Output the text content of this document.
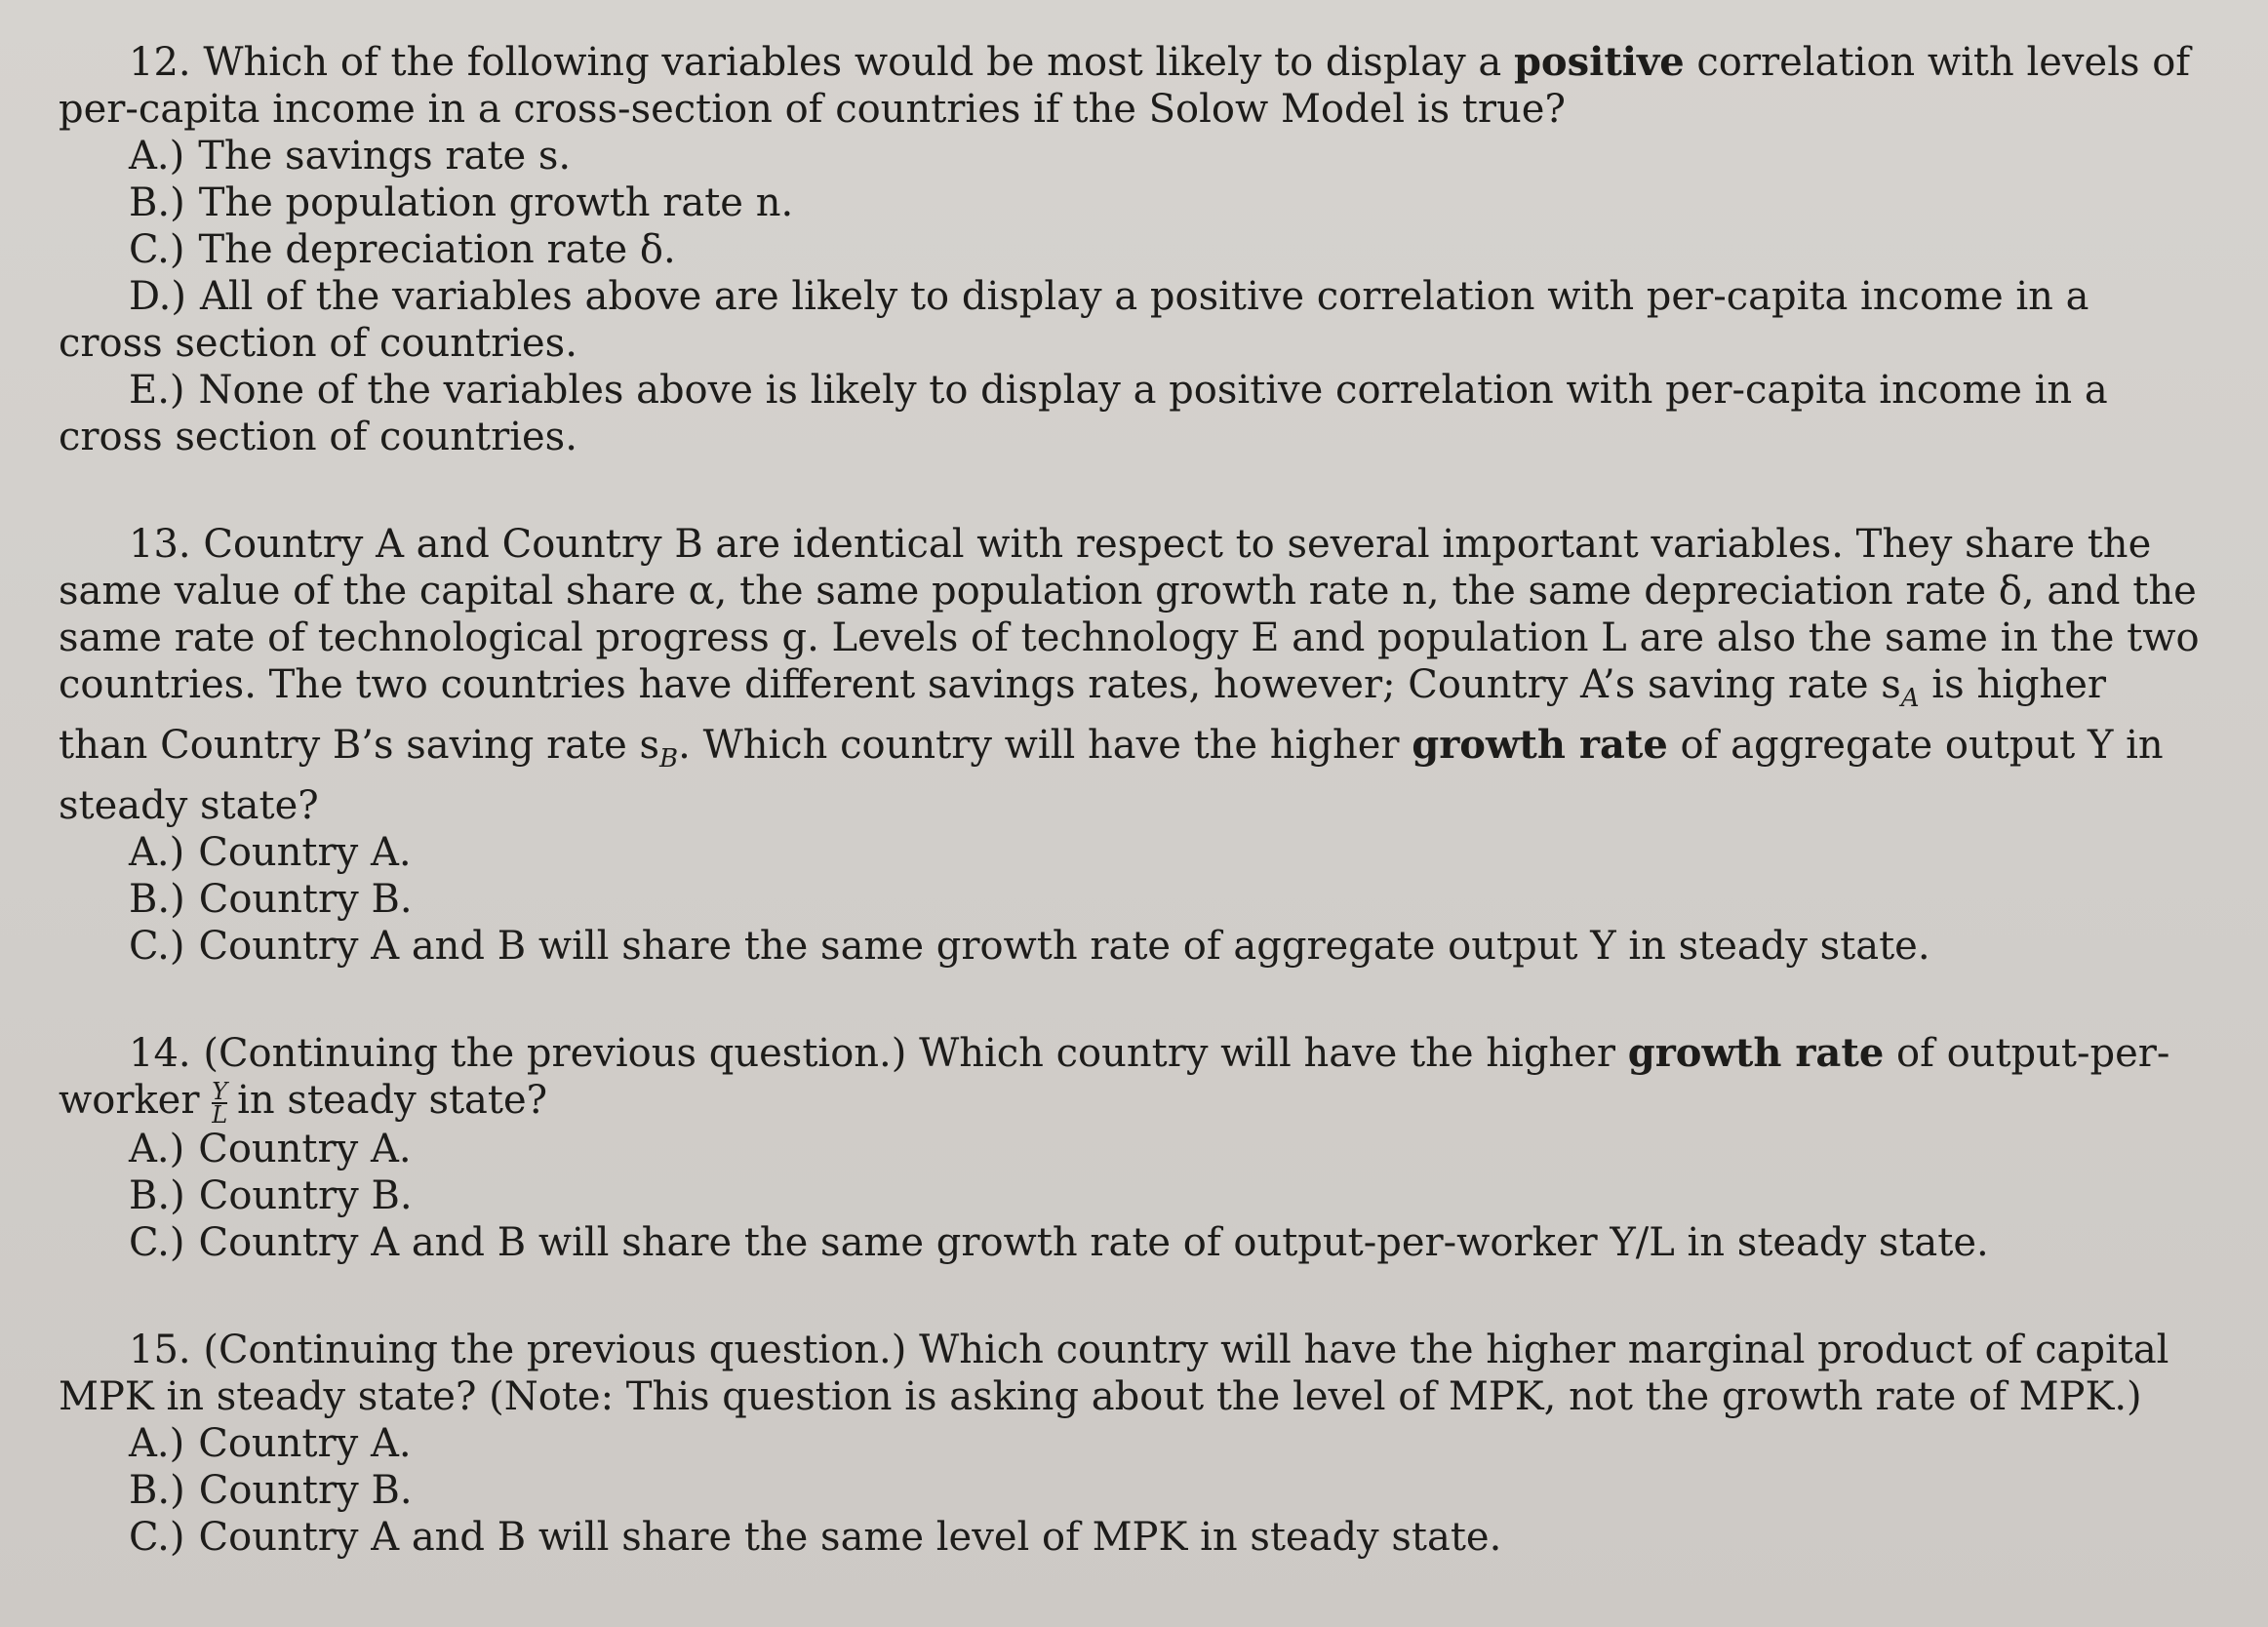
12. Which of the following variables would be most likely to display a positive correlation with levels of per-capita income in a cross-section of countries if the Solow Model is true?

A.) The savings rate s.
B.) The population growth rate n.
C.) The depreciation rate δ.
D.) All of the variables above are likely to display a positive correlation with per-capita income in a cross section of countries.
E.) None of the variables above is likely to display a positive correlation with per-capita income in a cross section of countries.

13. Country A and Country B are identical with respect to several important variables. They share the same value of the capital share α, the same population growth rate n, the same depreciation rate δ, and the same rate of technological progress g. Levels of technology E and population L are also the same in the two countries. The two countries have different savings rates, however; Country A’s saving rate $s_A$ is higher than Country B’s saving rate $s_B$. Which country will have the higher growth rate of aggregate output Y in steady state?

A.) Country A.
B.) Country B.
C.) Country A and B will share the same growth rate of aggregate output Y in steady state.

14. (Continuing the previous question.) Which country will have the higher growth rate of output-per-worker $\frac{Y}{L}$ in steady state?

A.) Country A.
B.) Country B.
C.) Country A and B will share the same growth rate of output-per-worker Y/L in steady state.

15. (Continuing the previous question.) Which country will have the higher marginal product of capital MPK in steady state? (Note: This question is asking about the level of MPK, not the growth rate of MPK.)

A.) Country A.
B.) Country B.
C.) Country A and B will share the same level of MPK in steady state.
